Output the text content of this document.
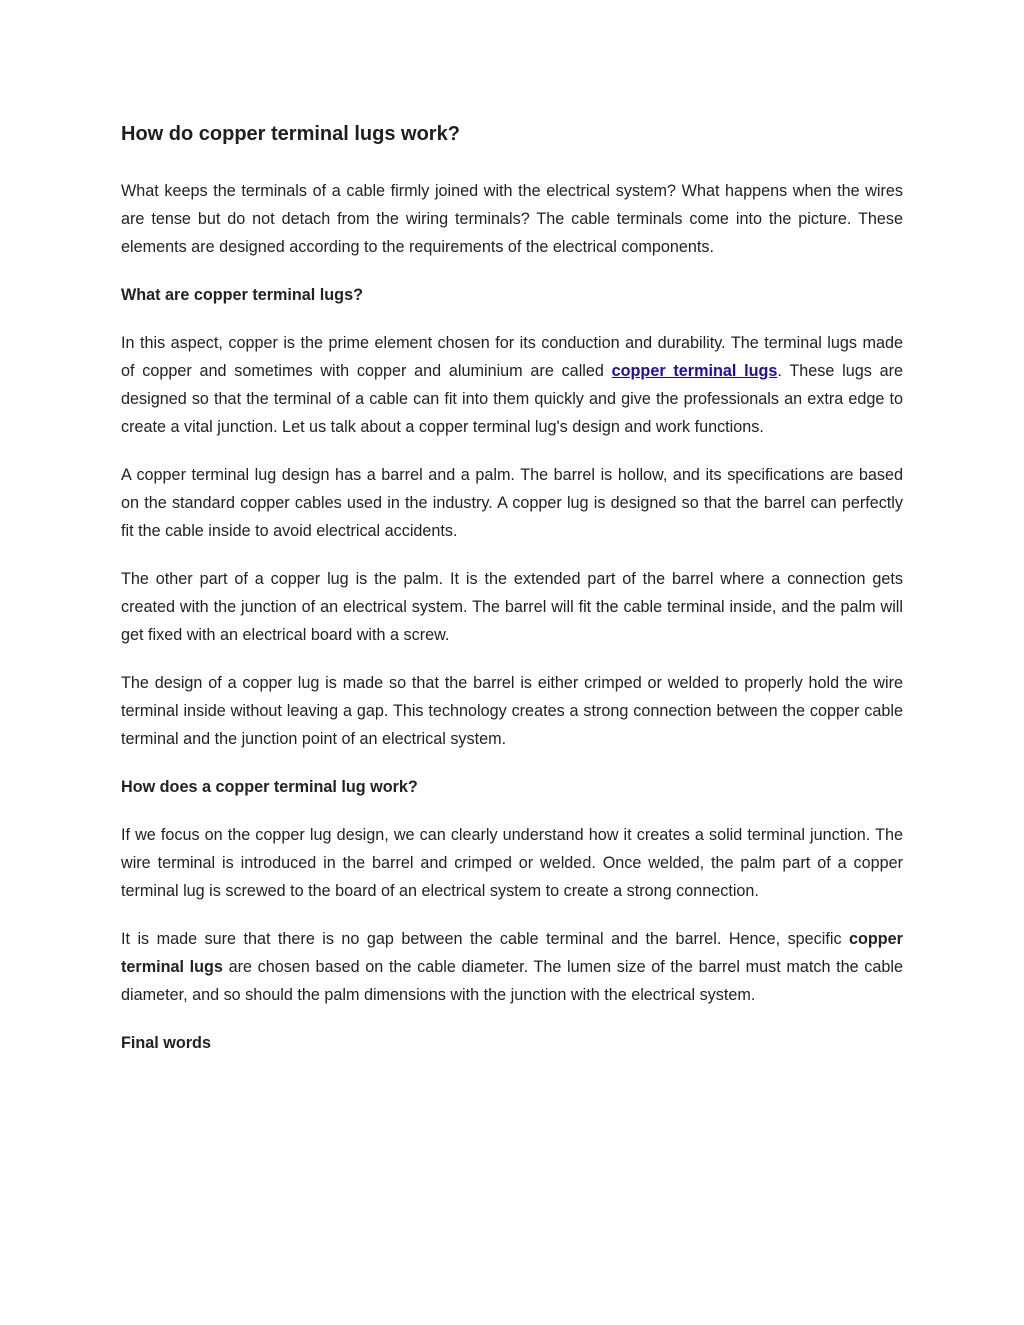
How do copper terminal lugs work?

What keeps the terminals of a cable firmly joined with the electrical system? What happens when the wires are tense but do not detach from the wiring terminals? The cable terminals come into the picture. These elements are designed according to the requirements of the electrical components.

What are copper terminal lugs?

In this aspect, copper is the prime element chosen for its conduction and durability. The terminal lugs made of copper and sometimes with copper and aluminium are called copper terminal lugs. These lugs are designed so that the terminal of a cable can fit into them quickly and give the professionals an extra edge to create a vital junction. Let us talk about a copper terminal lug's design and work functions.

A copper terminal lug design has a barrel and a palm. The barrel is hollow, and its specifications are based on the standard copper cables used in the industry. A copper lug is designed so that the barrel can perfectly fit the cable inside to avoid electrical accidents.

The other part of a copper lug is the palm. It is the extended part of the barrel where a connection gets created with the junction of an electrical system. The barrel will fit the cable terminal inside, and the palm will get fixed with an electrical board with a screw.

The design of a copper lug is made so that the barrel is either crimped or welded to properly hold the wire terminal inside without leaving a gap. This technology creates a strong connection between the copper cable terminal and the junction point of an electrical system.

How does a copper terminal lug work?

If we focus on the copper lug design, we can clearly understand how it creates a solid terminal junction. The wire terminal is introduced in the barrel and crimped or welded. Once welded, the palm part of a copper terminal lug is screwed to the board of an electrical system to create a strong connection.

It is made sure that there is no gap between the cable terminal and the barrel. Hence, specific copper terminal lugs are chosen based on the cable diameter. The lumen size of the barrel must match the cable diameter, and so should the palm dimensions with the junction with the electrical system.

Final words
